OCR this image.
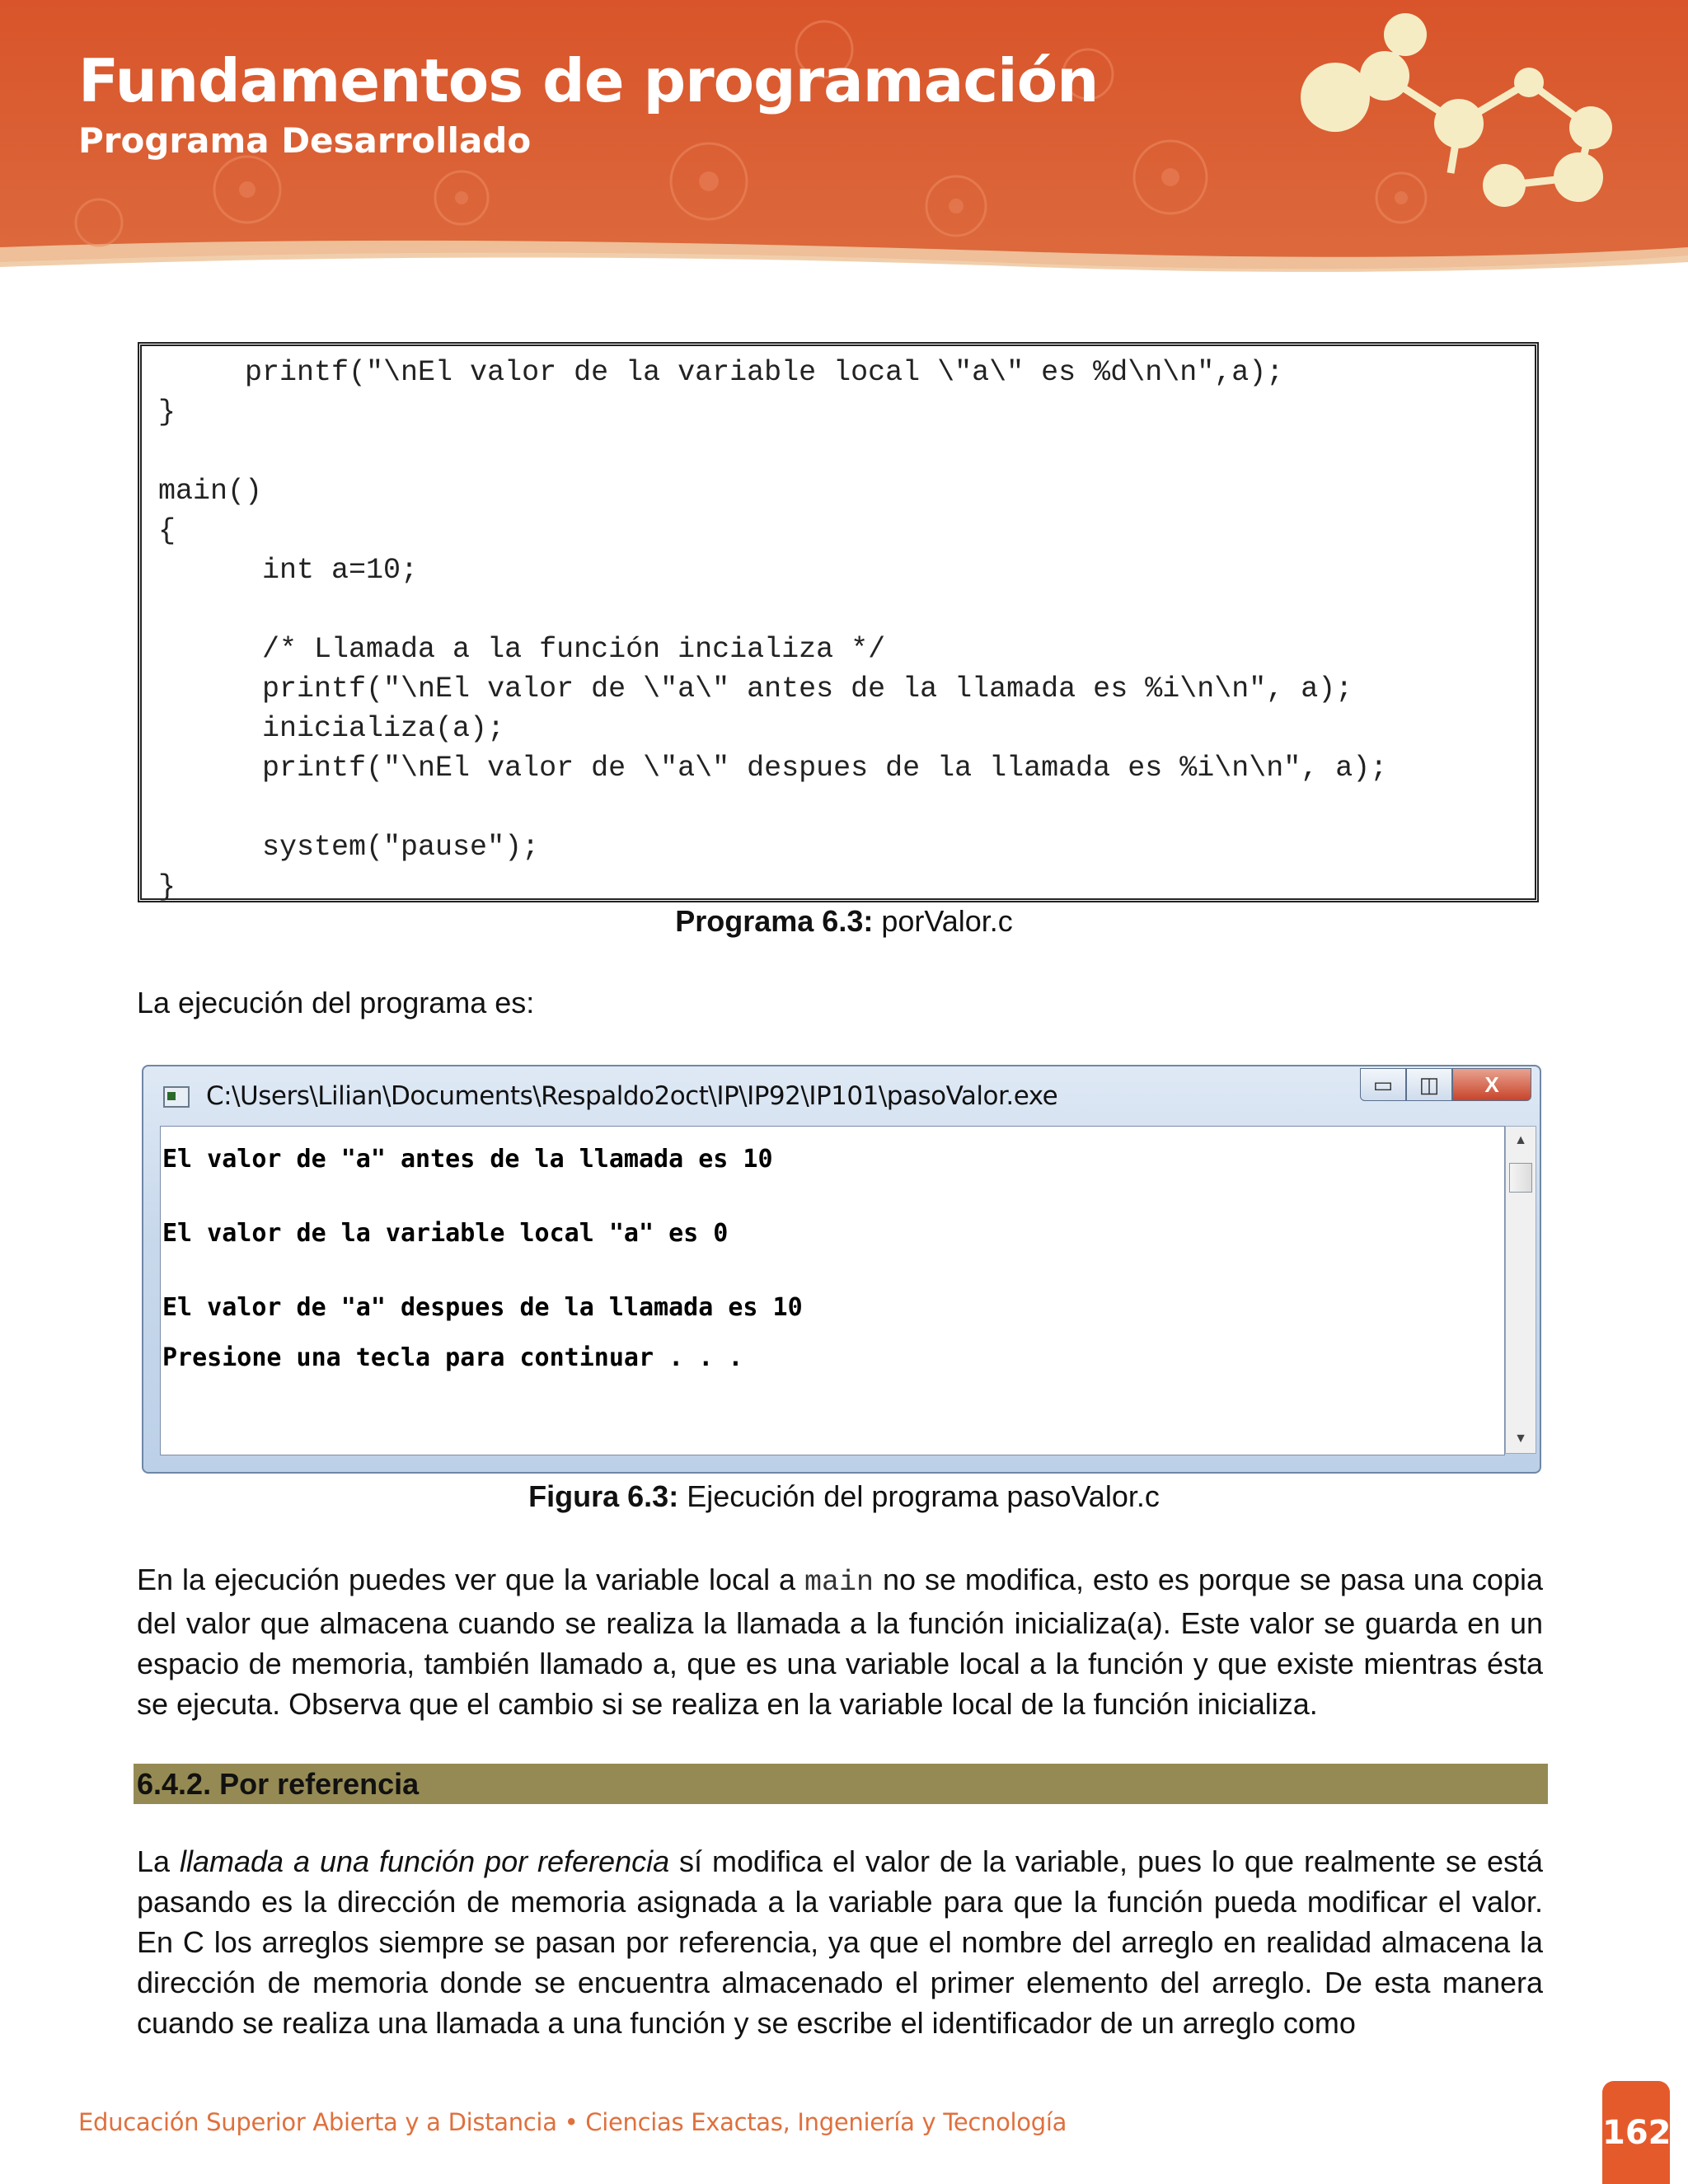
Fundamentos de programación
Programa Desarrollado
printf("\nEl valor de la variable local \"a\" es %d\n\n",a);
}

main()
{
int a=10;

/* Llamada a la función incializa */
printf("\nEl valor de \"a\" antes de la llamada es %i\n\n", a);
inicializa(a);
printf("\nEl valor de \"a\" despues de la llamada es %i\n\n", a);

system("pause");
}
Programa 6.3: porValor.c
La ejecución del programa es:
C:\Users\Lilian\Documents\Respaldo2oct\IP\IP92\IP101\pasoValor.exe	▭	◫	X

El valor de "a" antes de la llamada es 10

El valor de la variable local "a" es 0

El valor de "a" despues de la llamada es 10

Presione una tecla para continuar . . .

▲
▼
Figura 6.3: Ejecución del programa pasoValor.c

En la ejecución puedes ver que la variable local a main no se modifica, esto es porque se pasa una copia del valor que almacena cuando se realiza la llamada a la función inicializa(a). Este valor se guarda en un espacio de memoria, también llamado a, que es una variable local a la función y que existe mientras ésta se ejecuta. Observa que el cambio si se realiza en la variable local de la función inicializa.

6.4.2. Por referencia

La llamada a una función por referencia sí modifica el valor de la variable, pues lo que realmente se está pasando es la dirección de memoria asignada a la variable para que la función pueda modificar el valor. En C los arreglos siempre se pasan por referencia, ya que el nombre del arreglo en realidad almacena la dirección de memoria donde se encuentra almacenado el primer elemento del arreglo. De esta manera cuando se realiza una llamada a una función y se escribe el identificador de un arreglo como

Educación Superior Abierta y a Distancia • Ciencias Exactas, Ingeniería y Tecnología	162
